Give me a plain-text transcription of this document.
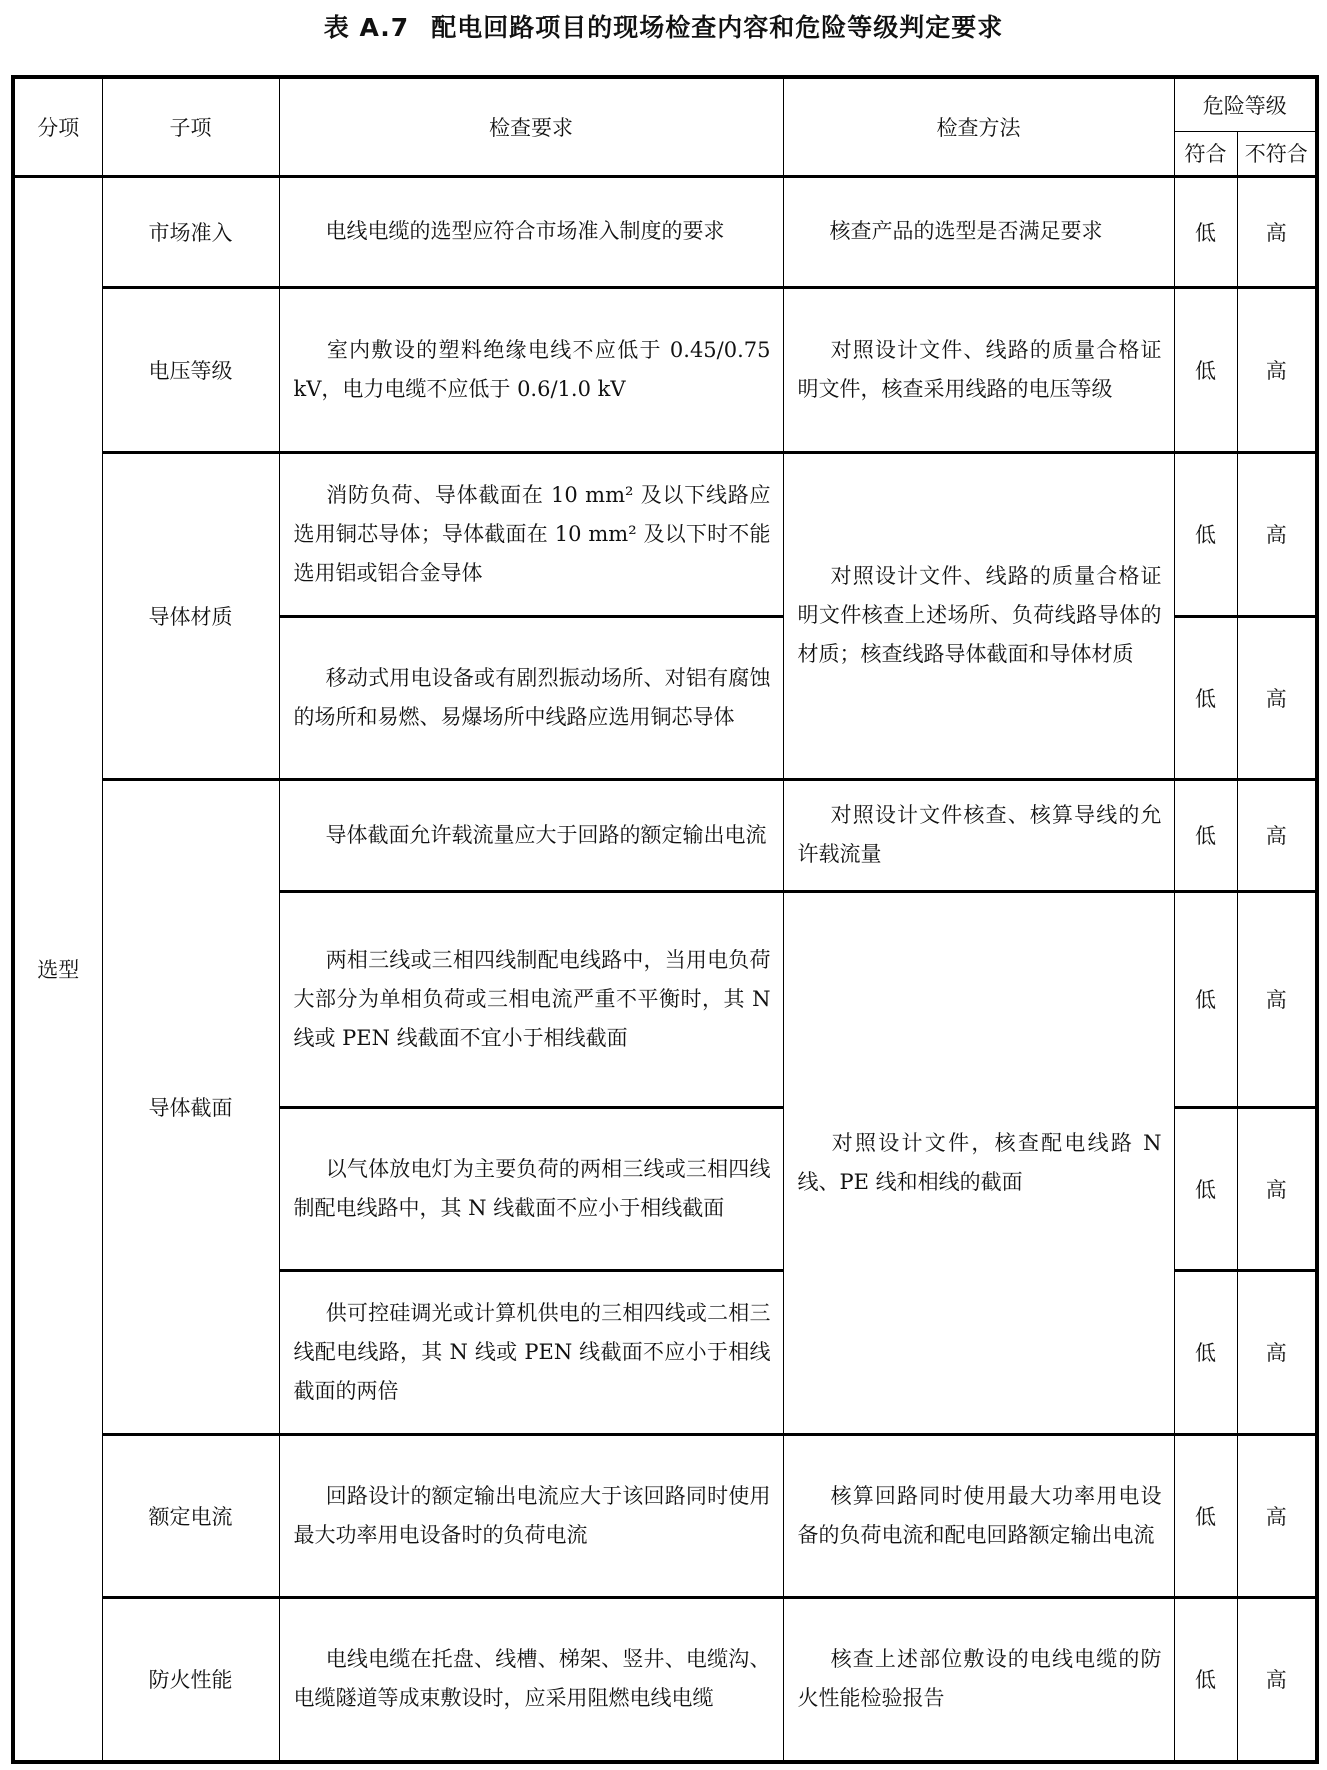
表 A.7 配电回路项目的现场检查内容和危险等级判定要求
分项	子项	检查要求	检查方法	危险等级	
				符合	不符合
选型	市场准入	电线电缆的选型应符合市场准入制度的要求	核查产品的选型是否满足要求	低	高
	电压等级	室内敷设的塑料绝缘电线不应低于 0.45/0.75 kV，电力电缆不应低于 0.6/1.0 kV	对照设计文件、线路的质量合格证明文件，核查采用线路的电压等级	低	高
	导体材质	消防负荷、导体截面在 10 mm² 及以下线路应选用铜芯导体；导体截面在 10 mm² 及以下时不能选用铝或铝合金导体	对照设计文件、线路的质量合格证明文件核查上述场所、负荷线路导体的材质；核查线路导体截面和导体材质	低	高
		移动式用电设备或有剧烈振动场所、对铝有腐蚀的场所和易燃、易爆场所中线路应选用铜芯导体		低	高
	导体截面	导体截面允许载流量应大于回路的额定输出电流	对照设计文件核查、核算导线的允许载流量	低	高
		两相三线或三相四线制配电线路中，当用电负荷大部分为单相负荷或三相电流严重不平衡时，其 N 线或 PEN 线截面不宜小于相线截面	对照设计文件，核查配电线路 N 线、PE 线和相线的截面	低	高
		以气体放电灯为主要负荷的两相三线或三相四线制配电线路中，其 N 线截面不应小于相线截面		低	高
		供可控硅调光或计算机供电的三相四线或二相三线配电线路，其 N 线或 PEN 线截面不应小于相线截面的两倍		低	高
	额定电流	回路设计的额定输出电流应大于该回路同时使用最大功率用电设备时的负荷电流	核算回路同时使用最大功率用电设备的负荷电流和配电回路额定输出电流	低	高
	防火性能	电线电缆在托盘、线槽、梯架、竖井、电缆沟、电缆隧道等成束敷设时，应采用阻燃电线电缆	核查上述部位敷设的电线电缆的防火性能检验报告	低	高
